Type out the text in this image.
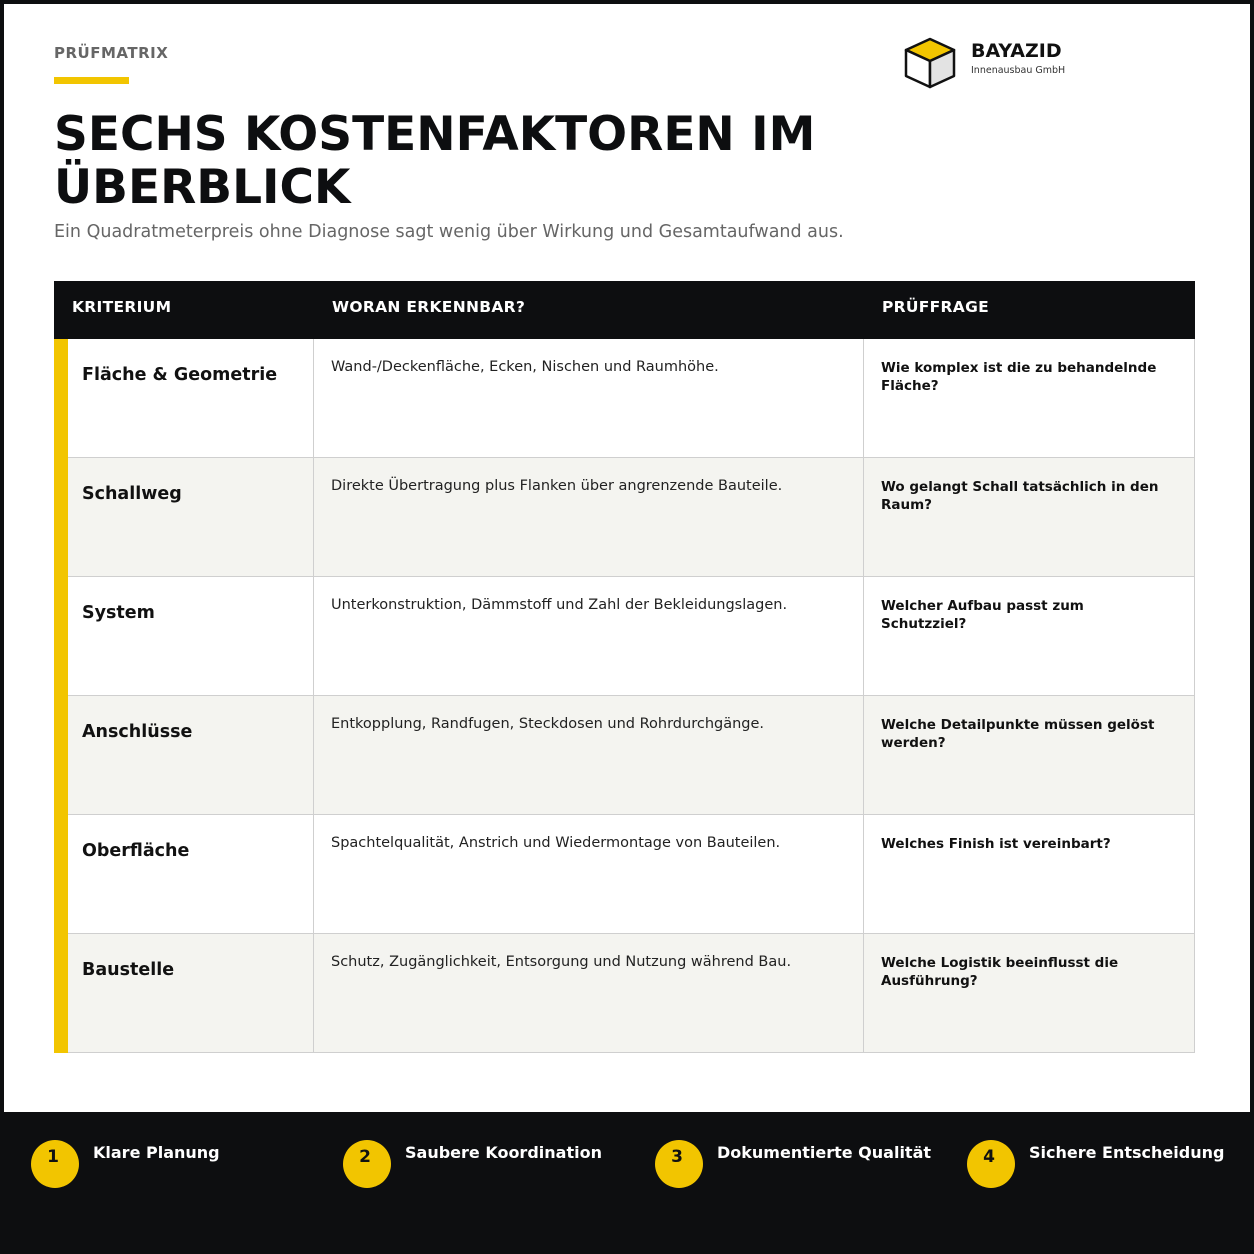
PRÜFMATRIX	BAYAZID
Innenausbau GmbH
SECHS KOSTENFAKTOREN IM ÜBERBLICK
Ein Quadratmeterpreis ohne Diagnose sagt wenig über Wirkung und Gesamtaufwand aus.
KRITERIUM	WORAN ERKENNBAR?	PRÜFFRAGE
Fläche & Geometrie	Wand-/Deckenfläche, Ecken, Nischen und Raumhöhe.	Wie komplex ist die zu behandelnde Fläche?
Schallweg	Direkte Übertragung plus Flanken über angrenzende Bauteile.	Wo gelangt Schall tatsächlich in den Raum?
System	Unterkonstruktion, Dämmstoff und Zahl der Bekleidungslagen.	Welcher Aufbau passt zum Schutzziel?
Anschlüsse	Entkopplung, Randfugen, Steckdosen und Rohrdurchgänge.	Welche Detailpunkte müssen gelöst werden?
Oberfläche	Spachtelqualität, Anstrich und Wiedermontage von Bauteilen.	Welches Finish ist vereinbart?
Baustelle	Schutz, Zugänglichkeit, Entsorgung und Nutzung während Bau.	Welche Logistik beeinflusst die Ausführung?
1	Klare Planung	2	Saubere Koordination	3	Dokumentierte Qualität	4	Sichere Entscheidung
